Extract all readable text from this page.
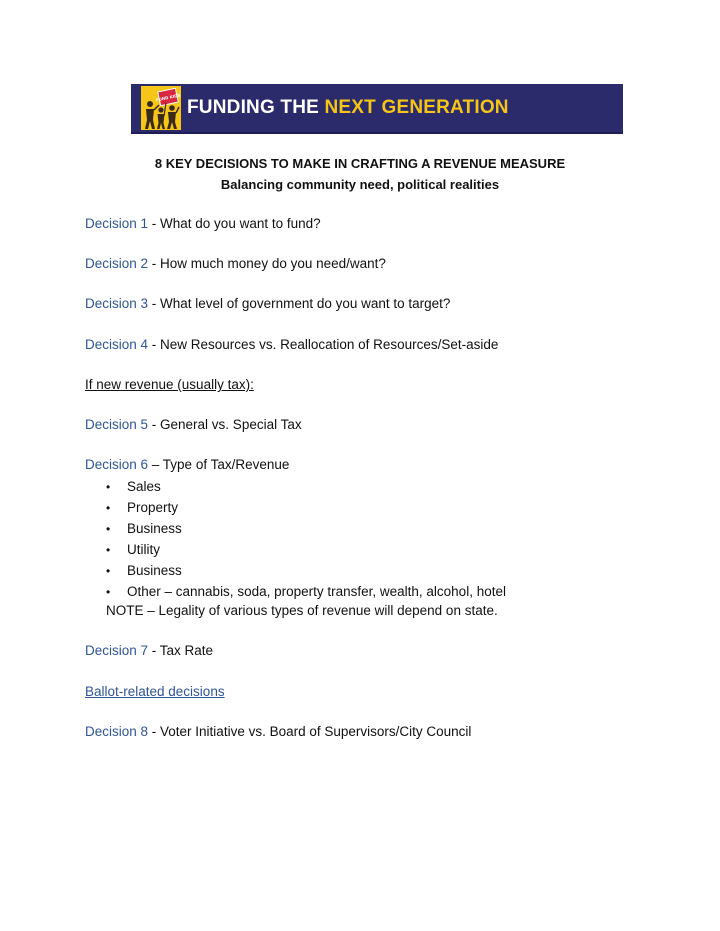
FUND KIDS FUNDING THE NEXT GENERATION
8 KEY DECISIONS TO MAKE IN CRAFTING A REVENUE MEASURE
Balancing community need, political realities
Decision 1 - What do you want to fund?
Decision 2 - How much money do you need/want?
Decision 3 - What level of government do you want to target?
Decision 4 - New Resources vs. Reallocation of Resources/Set-aside
If new revenue (usually tax):
Decision 5 - General vs. Special Tax
Decision 6 – Type of Tax/Revenue
• Sales
• Property
• Business
• Utility
• Business
• Other – cannabis, soda, property transfer, wealth, alcohol, hotel
NOTE – Legality of various types of revenue will depend on state.
Decision 7 - Tax Rate
Ballot-related decisions
Decision 8 - Voter Initiative vs. Board of Supervisors/City Council
